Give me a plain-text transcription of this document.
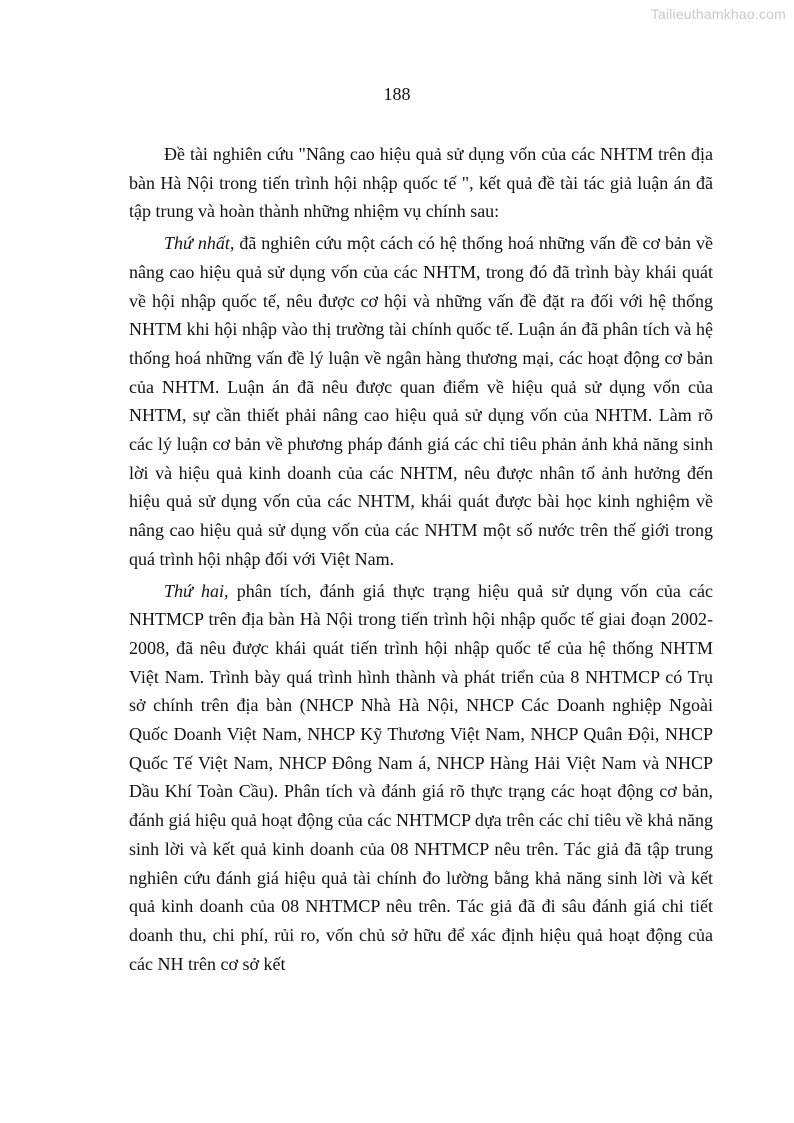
Tailieuthamkhao.com
188

Đề tài nghiên cứu "Nâng cao hiệu quả sử dụng vốn của các NHTM trên địa bàn Hà Nội trong tiến trình hội nhập quốc tế ", kết quả đề tài tác giả luận án đã tập trung và hoàn thành những nhiệm vụ chính sau:

Thứ nhất, đã nghiên cứu một cách có hệ thống hoá những vấn đề cơ bản về nâng cao hiệu quả sử dụng vốn của các NHTM, trong đó đã trình bày khái quát về hội nhập quốc tế, nêu được cơ hội và những vấn đề đặt ra đối với hệ thống NHTM khi hội nhập vào thị trường tài chính quốc tế. Luận án đã phân tích và hệ thống hoá những vấn đề lý luận về ngân hàng thương mại, các hoạt động cơ bản của NHTM. Luận án đã nêu được quan điểm về hiệu quả sử dụng vốn của NHTM, sự cần thiết phải nâng cao hiệu quả sử dụng vốn của NHTM. Làm rõ các lý luận cơ bản về phương pháp đánh giá các chỉ tiêu phản ảnh khả năng sinh lời và hiệu quả kinh doanh của các NHTM, nêu được nhân tố ảnh hưởng đến hiệu quả sử dụng vốn của các NHTM, khái quát được bài học kinh nghiệm về nâng cao hiệu quả sử dụng vốn của các NHTM một số nước trên thế giới trong quá trình hội nhập đối với Việt Nam.

Thứ hai, phân tích, đánh giá thực trạng hiệu quả sử dụng vốn của các NHTMCP trên địa bàn Hà Nội trong tiến trình hội nhập quốc tế giai đoạn 2002-2008, đã nêu được khái quát tiến trình hội nhập quốc tế của hệ thống NHTM Việt Nam. Trình bày quá trình hình thành và phát triển của 8 NHTMCP có Trụ sở chính trên địa bàn (NHCP Nhà Hà Nội, NHCP Các Doanh nghiệp Ngoài Quốc Doanh Việt Nam, NHCP Kỹ Thương Việt Nam, NHCP Quân Đội, NHCP Quốc Tế Việt Nam, NHCP Đông Nam á, NHCP Hàng Hải Việt Nam và NHCP Dầu Khí Toàn Cầu). Phân tích và đánh giá rõ thực trạng các hoạt động cơ bản, đánh giá hiệu quả hoạt động của các NHTMCP dựa trên các chỉ tiêu về khả năng sinh lời và kết quả kinh doanh của 08 NHTMCP nêu trên. Tác giả đã tập trung nghiên cứu đánh giá hiệu quả tài chính đo lường bằng khả năng sinh lời và kết quả kinh doanh của 08 NHTMCP nêu trên. Tác giả đã đi sâu đánh giá chi tiết doanh thu, chi phí, rủi ro, vốn chủ sở hữu để xác định hiệu quả hoạt động của các NH trên cơ sở kết
